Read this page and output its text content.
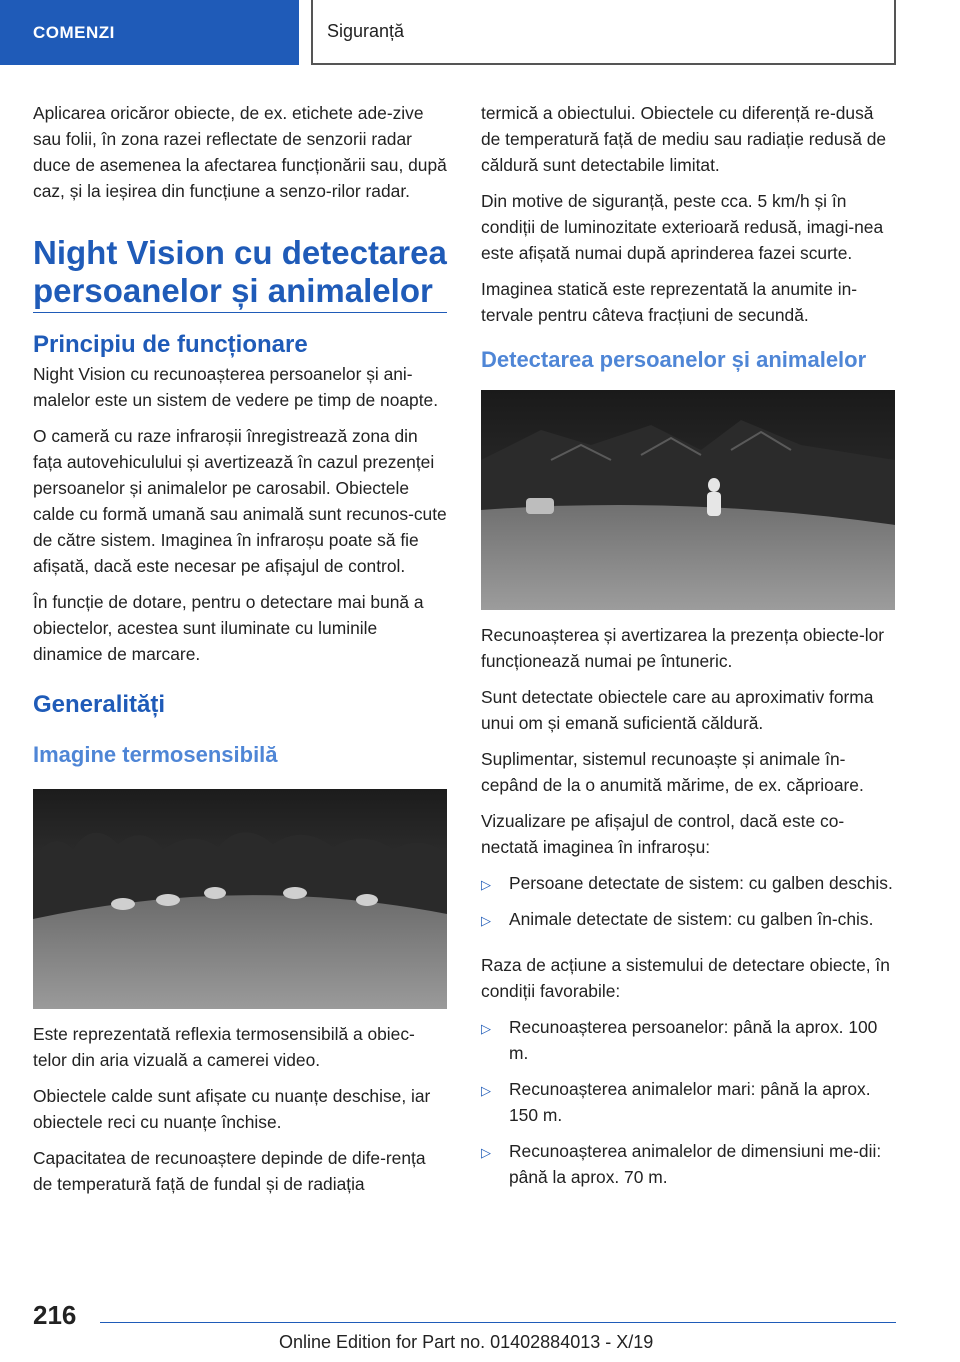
COMENZI	Siguranță

Aplicarea oricăror obiecte, de ex. etichete ade-zive sau folii, în zona razei reflectate de senzorii radar duce de asemenea la afectarea funcționării sau, după caz, și la ieșirea din funcțiune a senzo-rilor radar.

Night Vision cu detectarea persoanelor și animalelor
Principiu de funcționare

Night Vision cu recunoașterea persoanelor și ani-malelor este un sistem de vedere pe timp de noapte.

O cameră cu raze infraroșii înregistrează zona din fața autovehiculului și avertizează în cazul prezenței persoanelor și animalelor pe carosabil. Obiectele calde cu formă umană sau animală sunt recunos-cute de către sistem. Imaginea în infraroșu poate să fie afișată, dacă este necesar pe afișajul de control.

În funcție de dotare, pentru o detectare mai bună a obiectelor, acestea sunt iluminate cu luminile dinamice de marcare.

Generalități
Imagine termosensibilă

Este reprezentată reflexia termosensibilă a obiec-telor din aria vizuală a camerei video.

Obiectele calde sunt afișate cu nuanțe deschise, iar obiectele reci cu nuanțe închise.

Capacitatea de recunoaștere depinde de dife-rența de temperatură față de fundal și de radiația

termică a obiectului. Obiectele cu diferență re-dusă de temperatură față de mediu sau radiație redusă de căldură sunt detectabile limitat.

Din motive de siguranță, peste cca. 5 km/h și în condiții de luminozitate exterioară redusă, imagi-nea este afișată numai după aprinderea fazei scurte.

Imaginea statică este reprezentată la anumite in-tervale pentru câteva fracțiuni de secundă.

Detectarea persoanelor și animalelor

Recunoașterea și avertizarea la prezența obiecte-lor funcționează numai pe întuneric.

Sunt detectate obiectele care au aproximativ forma unui om și emană suficientă căldură.

Suplimentar, sistemul recunoaște și animale în-cepând de la o anumită mărime, de ex. căprioare.

Vizualizare pe afișajul de control, dacă este co-nectată imaginea în infraroșu:

▷ Persoane detectate de sistem: cu galben deschis.
▷ Animale detectate de sistem: cu galben în-chis.

Raza de acțiune a sistemului de detectare obiecte, în condiții favorabile:

▷ Recunoașterea persoanelor: până la aprox. 100 m.
▷ Recunoașterea animalelor mari: până la aprox. 150 m.
▷ Recunoașterea animalelor de dimensiuni me-dii: până la aprox. 70 m.
216
Online Edition for Part no. 01402884013 - X/19
